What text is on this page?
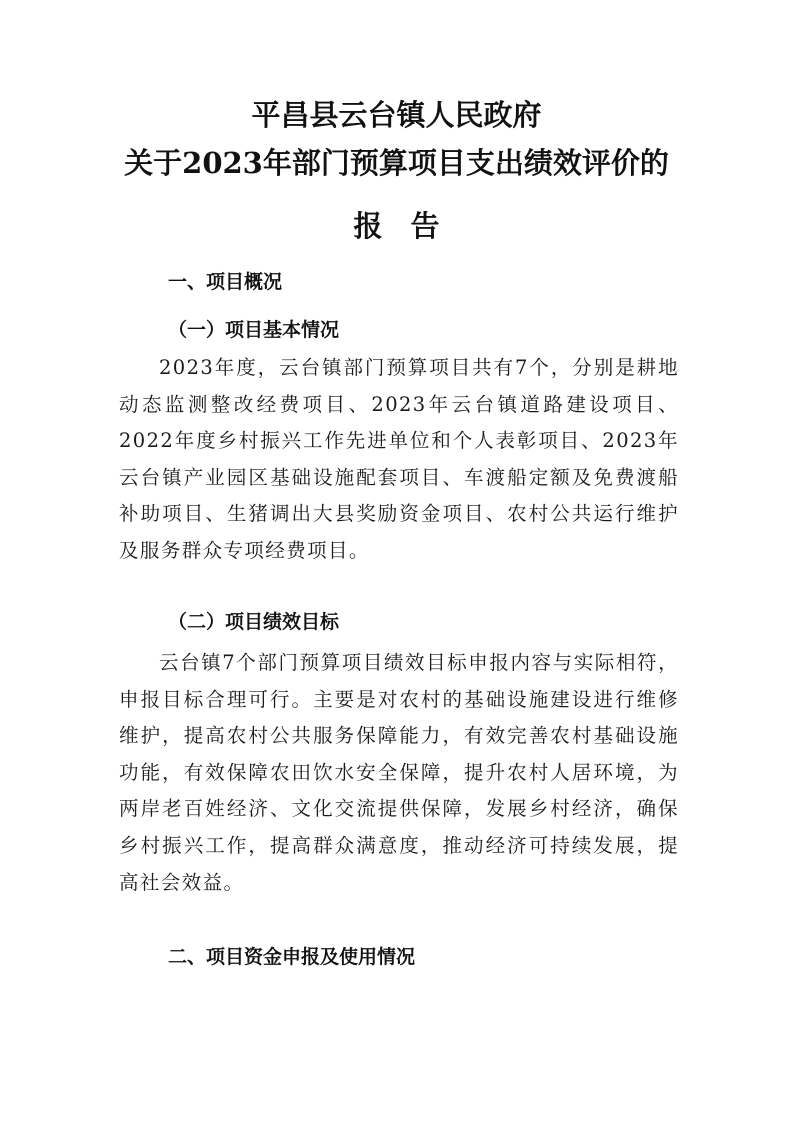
平昌县云台镇人民政府
关于2023年部门预算项目支出绩效评价的
报告
一、项目概况
（一）项目基本情况
2023年度，云台镇部门预算项目共有7个，分别是耕地动态监测整改经费项目、2023年云台镇道路建设项目、2022年度乡村振兴工作先进单位和个人表彰项目、2023年云台镇产业园区基础设施配套项目、车渡船定额及免费渡船补助项目、生猪调出大县奖励资金项目、农村公共运行维护及服务群众专项经费项目。
（二）项目绩效目标
云台镇7个部门预算项目绩效目标申报内容与实际相符，申报目标合理可行。主要是对农村的基础设施建设进行维修维护，提高农村公共服务保障能力，有效完善农村基础设施功能，有效保障农田饮水安全保障，提升农村人居环境，为两岸老百姓经济、文化交流提供保障，发展乡村经济，确保乡村振兴工作，提高群众满意度，推动经济可持续发展，提高社会效益。
二、项目资金申报及使用情况
